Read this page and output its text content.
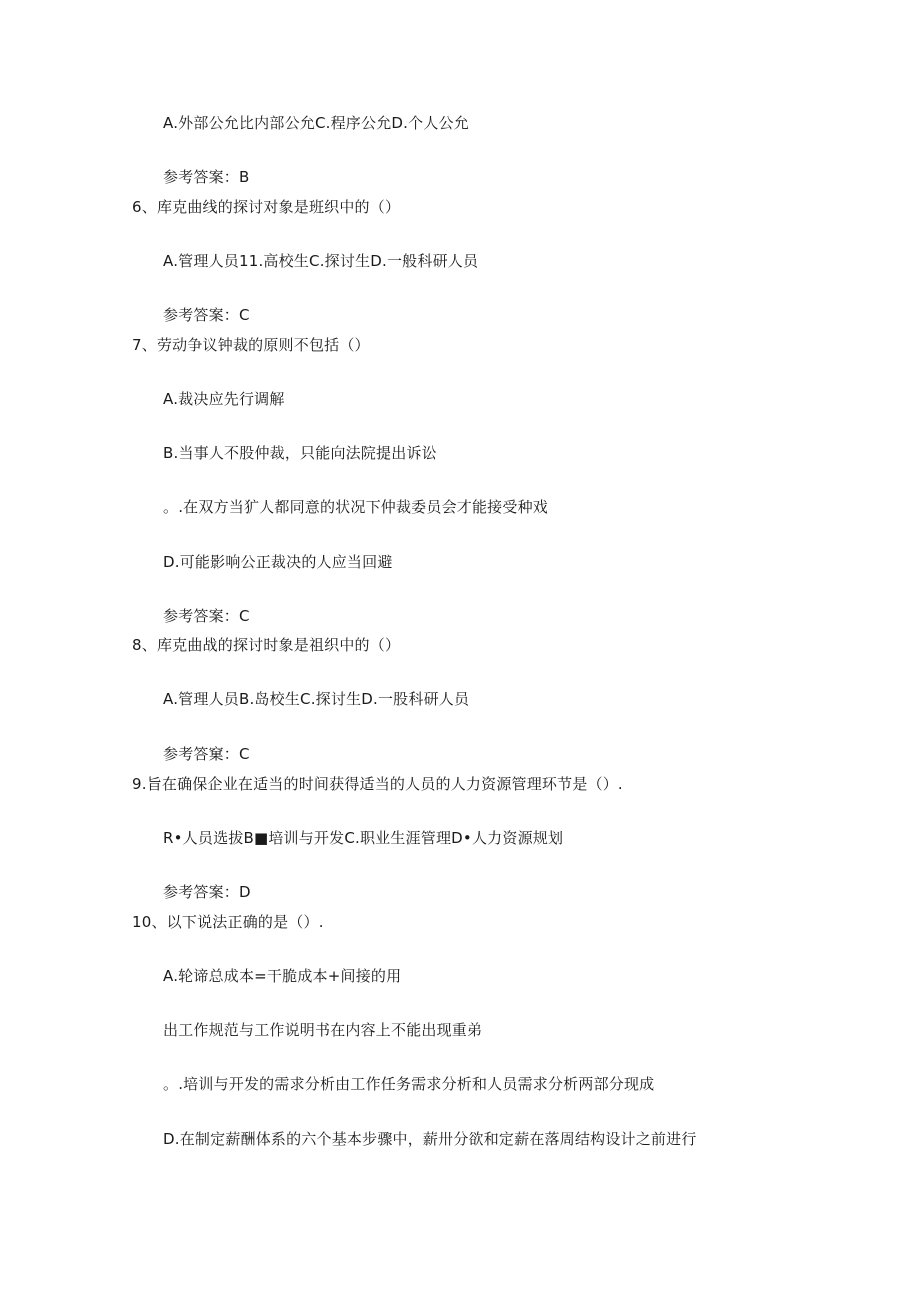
A.外部公允比内部公允C.程序公允D.个人公允
参考答案：B
6、库克曲线的探讨对象是班织中的（）
A.管理人员11.高校生C.探讨生D.一般科研人员
参考答案：C
7、劳动争议钟裁的原则不包括（）
A.裁决应先行调解
B.当事人不股仲裁，只能向法院提出诉讼
。.在双方当犷人都同意的状况下仲裁委员会才能接受种戏
D.可能影响公正裁决的人应当回避
参考答案：C
8、库克曲战的探讨时象是祖织中的（）
A.管理人员B.岛校生C.探讨生D.一股科研人员
参考答窠：C
9.旨在确保企业在适当的时间获得适当的人员的人力资源管理环节是（）.
R•人员选拔B■培训与开发C.职业生涯管理D•人力资源规划
参考答案：D
10、以下说法正确的是（）.
A.轮谛总成本=干脆成本+间接的用
出工作规范与工作说明书在内容上不能出现重弟
。.培训与开发的需求分析由工作任务需求分析和人员需求分析两部分现成
D.在制定薪酬体系的六个基本步骤中，薪卅分欲和定薪在落周结构设计之前进行
